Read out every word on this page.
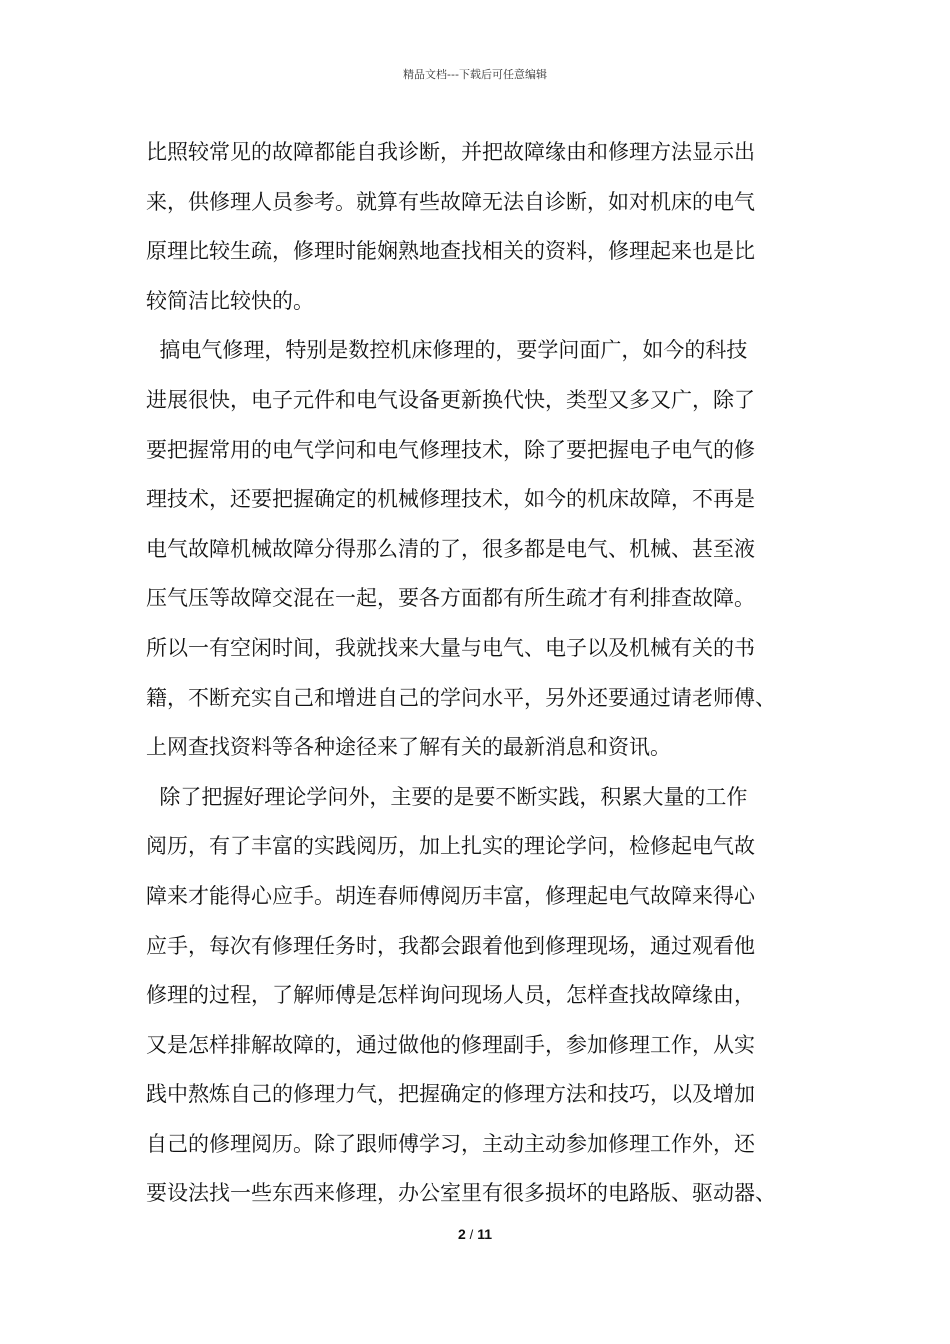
精品文档---下载后可任意编辑
比照较常见的故障都能自我诊断，并把故障缘由和修理方法显示出
来，供修理人员参考。就算有些故障无法自诊断，如对机床的电气
原理比较生疏，修理时能娴熟地查找相关的资料，修理起来也是比
较简洁比较快的。
搞电气修理，特别是数控机床修理的，要学问面广，如今的科技
进展很快，电子元件和电气设备更新换代快，类型又多又广，除了
要把握常用的电气学问和电气修理技术，除了要把握电子电气的修
理技术，还要把握确定的机械修理技术，如今的机床故障，不再是
电气故障机械故障分得那么清的了，很多都是电气、机械、甚至液
压气压等故障交混在一起，要各方面都有所生疏才有利排查故障。
所以一有空闲时间，我就找来大量与电气、电子以及机械有关的书
籍，不断充实自己和增进自己的学问水平，另外还要通过请老师傅、
上网查找资料等各种途径来了解有关的最新消息和资讯。
除了把握好理论学问外，主要的是要不断实践，积累大量的工作
阅历，有了丰富的实践阅历，加上扎实的理论学问，检修起电气故
障来才能得心应手。胡连春师傅阅历丰富，修理起电气故障来得心
应手，每次有修理任务时，我都会跟着他到修理现场，通过观看他
修理的过程，了解师傅是怎样询问现场人员，怎样查找故障缘由，
又是怎样排解故障的，通过做他的修理副手，参加修理工作，从实
践中熬炼自己的修理力气，把握确定的修理方法和技巧，以及增加
自己的修理阅历。除了跟师傅学习，主动主动参加修理工作外，还
要设法找一些东西来修理，办公室里有很多损坏的电路版、驱动器、
2 / 11
